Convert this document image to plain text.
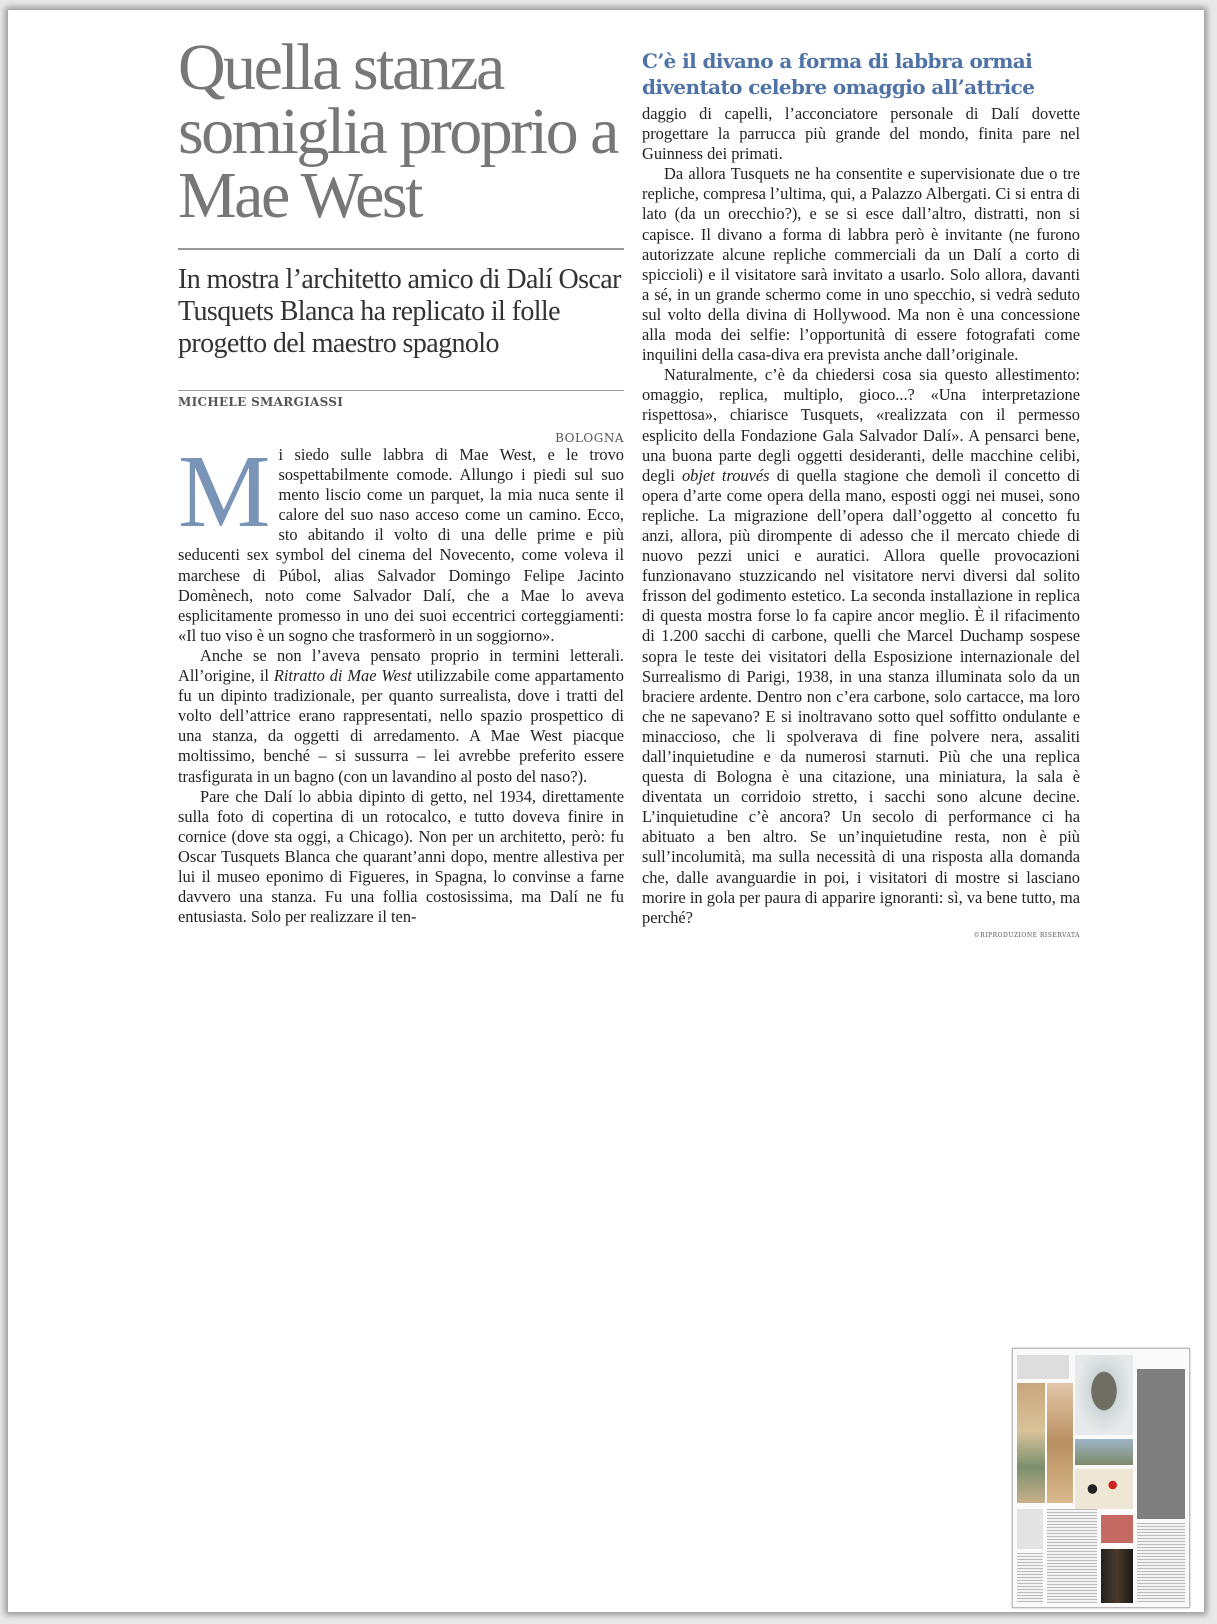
Quella stanza somiglia proprio a Mae West

In mostra l’architetto amico di Dalí Oscar Tusquets Blanca ha replicato il folle progetto del maestro spagnolo

MICHELE SMARGIASSI

BOLOGNA

Mi siedo sulle labbra di Mae West, e le trovo sospettabilmente comode. Allungo i piedi sul suo mento liscio come un parquet, la mia nuca sente il calore del suo naso acceso come un camino. Ecco, sto abitando il volto di una delle prime e più seducenti sex symbol del cinema del Novecento, come voleva il marchese di Púbol, alias Salvador Domingo Felipe Jacinto Domènech, noto come Salvador Dalí, che a Mae lo aveva esplicitamente promesso in uno dei suoi eccentrici corteggiamenti: «Il tuo viso è un sogno che trasformerò in un soggiorno».

Anche se non l’aveva pensato proprio in termini letterali. All’origine, il Ritratto di Mae West utilizzabile come appartamento fu un dipinto tradizionale, per quanto surrealista, dove i tratti del volto dell’attrice erano rappresentati, nello spazio prospettico di una stanza, da oggetti di arredamento. A Mae West piacque moltissimo, benché – si sussurra – lei avrebbe preferito essere trasfigurata in un bagno (con un lavandino al posto del naso?).

Pare che Dalí lo abbia dipinto di getto, nel 1934, direttamente sulla foto di copertina di un rotocalco, e tutto doveva finire in cornice (dove sta oggi, a Chicago). Non per un architetto, però: fu Oscar Tusquets Blanca che quarant’anni dopo, mentre allestiva per lui il museo eponimo di Figueres, in Spagna, lo convinse a farne davvero una stanza. Fu una follia costosissima, ma Dalí ne fu entusiasta. Solo per realizzare il ten-

C’è il divano a forma di labbra ormai diventato celebre omaggio all’attrice

daggio di capelli, l’acconciatore personale di Dalí dovette progettare la parrucca più grande del mondo, finita pare nel Guinness dei primati.

Da allora Tusquets ne ha consentite e supervisionate due o tre repliche, compresa l’ultima, qui, a Palazzo Albergati. Ci si entra di lato (da un orecchio?), e se si esce dall’altro, distratti, non si capisce. Il divano a forma di labbra però è invitante (ne furono autorizzate alcune repliche commerciali da un Dalí a corto di spiccioli) e il visitatore sarà invitato a usarlo. Solo allora, davanti a sé, in un grande schermo come in uno specchio, si vedrà seduto sul volto della divina di Hollywood. Ma non è una concessione alla moda dei selfie: l’opportunità di essere fotografati come inquilini della casa-diva era prevista anche dall’originale.

Naturalmente, c’è da chiedersi cosa sia questo allestimento: omaggio, replica, multiplo, gioco...? «Una interpretazione rispettosa», chiarisce Tusquets, «realizzata con il permesso esplicito della Fondazione Gala Salvador Dalí». A pensarci bene, una buona parte degli oggetti desideranti, delle macchine celibi, degli objet trouvés di quella stagione che demolì il concetto di opera d’arte come opera della mano, esposti oggi nei musei, sono repliche. La migrazione dell’opera dall’oggetto al concetto fu anzi, allora, più dirompente di adesso che il mercato chiede di nuovo pezzi unici e auratici. Allora quelle provocazioni funzionavano stuzzicando nel visitatore nervi diversi dal solito frisson del godimento estetico. La seconda installazione in replica di questa mostra forse lo fa capire ancor meglio. È il rifacimento di 1.200 sacchi di carbone, quelli che Marcel Duchamp sospese sopra le teste dei visitatori della Esposizione internazionale del Surrealismo di Parigi, 1938, in una stanza illuminata solo da un braciere ardente. Dentro non c’era carbone, solo cartacce, ma loro che ne sapevano? E si inoltravano sotto quel soffitto ondulante e minaccioso, che li spolverava di fine polvere nera, assaliti dall’inquietudine e da numerosi starnuti. Più che una replica questa di Bologna è una citazione, una miniatura, la sala è diventata un corridoio stretto, i sacchi sono alcune decine. L’inquietudine c’è ancora? Un secolo di performance ci ha abituato a ben altro. Se un’inquietudine resta, non è più sull’incolumità, ma sulla necessità di una risposta alla domanda che, dalle avanguardie in poi, i visitatori di mostre si lasciano morire in gola per paura di apparire ignoranti: sì, va bene tutto, ma perché?

©RIPRODUZIONE RISERVATA
